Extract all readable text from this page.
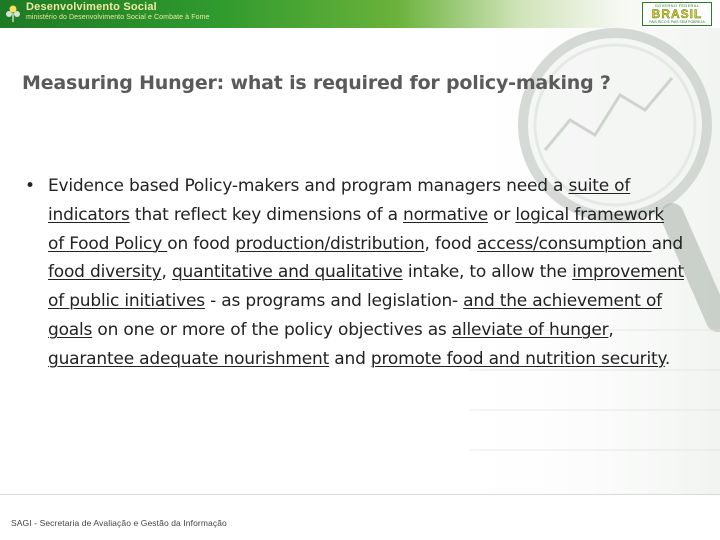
Desenvolvimento Social
ministério do Desenvolvimento Social e Combate à Fome
GOVERNO FEDERAL
BRASIL
PAÍS RICO É PAÍS SEM POBREZA
Measuring Hunger: what is required for policy-making ?
• Evidence based Policy-makers and program managers need a suite of indicators that reflect key dimensions of a normative or logical framework of Food Policy on food production/distribution, food access/consumption and food diversity, quantitative and qualitative intake, to allow the improvement of public initiatives - as programs and legislation- and the achievement of goals on one or more of the policy objectives as alleviate of hunger, guarantee adequate nourishment and promote food and nutrition security.
SAGI - Secretaria de Avaliação e Gestão da Informação
